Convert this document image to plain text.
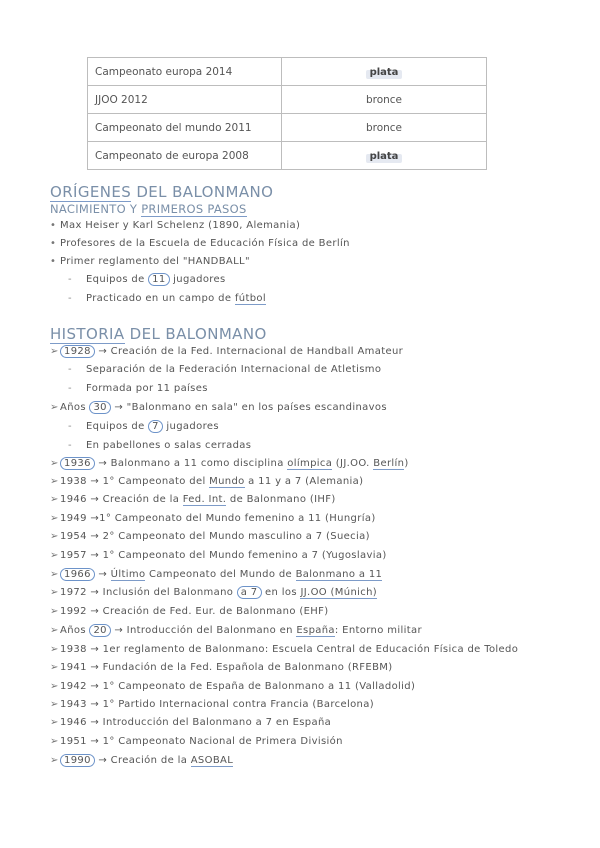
Campeonato europa 2014	plata
JJOO 2012	bronce
Campeonato del mundo 2011	bronce
Campeonato de europa 2008	plata
ORÍGENES DEL BALONMANO
NACIMIENTO Y PRIMEROS PASOS
• Max Heiser y Karl Schelenz (1890, Alemania)
• Profesores de la Escuela de Educación Física de Berlín
• Primer reglamento del "HANDBALL"
- Equipos de 11 jugadores
- Practicado en un campo de fútbol
HISTORIA DEL BALONMANO
➢ 1928 → Creación de la Fed. Internacional de Handball Amateur
- Separación de la Federación Internacional de Atletismo
- Formada por 11 países
➢Años 30 → "Balonmano en sala" en los países escandinavos
- Equipos de 7 jugadores
- En pabellones o salas cerradas
➢ 1936 → Balonmano a 11 como disciplina olímpica (JJ.OO. Berlín)
➢1938 → 1° Campeonato del Mundo a 11 y a 7 (Alemania)
➢1946 → Creación de la Fed. Int. de Balonmano (IHF)
➢1949 →1° Campeonato del Mundo femenino a 11 (Hungría)
➢1954 → 2° Campeonato del Mundo masculino a 7 (Suecia)
➢1957 → 1° Campeonato del Mundo femenino a 7 (Yugoslavia)
➢ 1966 → Último Campeonato del Mundo de Balonmano a 11
➢1972 → Inclusión del Balonmano a 7 en los JJ.OO (Múnich)
➢1992 → Creación de Fed. Eur. de Balonmano (EHF)
➢Años 20 → Introducción del Balonmano en España: Entorno militar
➢1938 → 1er reglamento de Balonmano: Escuela Central de Educación Física de Toledo
➢1941 → Fundación de la Fed. Española de Balonmano (RFEBM)
➢1942 → 1° Campeonato de España de Balonmano a 11 (Valladolid)
➢1943 → 1° Partido Internacional contra Francia (Barcelona)
➢1946 → Introducción del Balonmano a 7 en España
➢1951 → 1° Campeonato Nacional de Primera División
➢ 1990 → Creación de la ASOBAL
